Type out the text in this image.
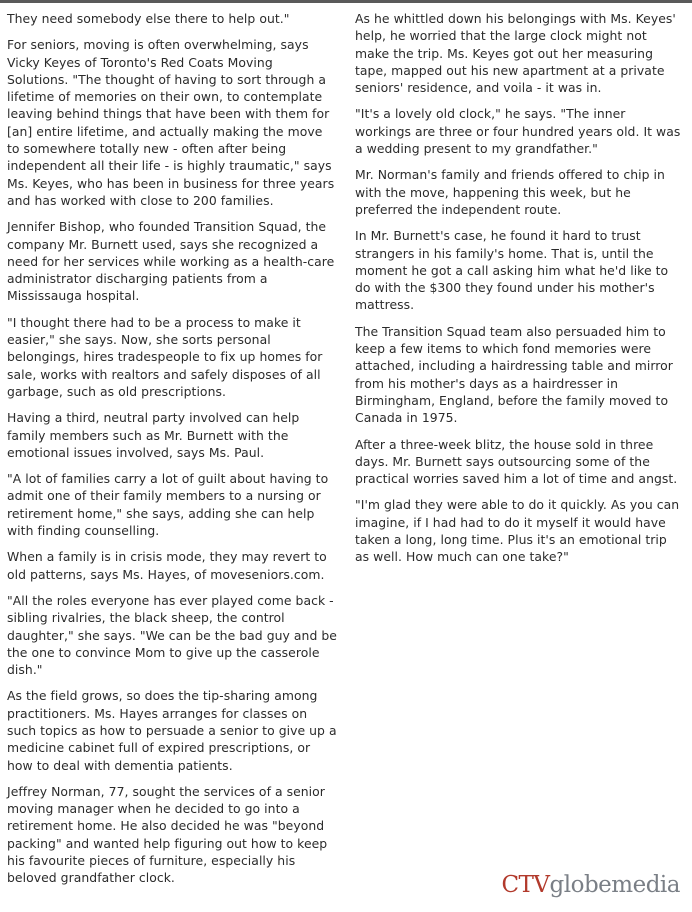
They need somebody else there to help out."

For seniors, moving is often overwhelming, says Vicky Keyes of Toronto's Red Coats Moving Solutions. "The thought of having to sort through a lifetime of memories on their own, to contemplate leaving behind things that have been with them for [an] entire lifetime, and actually making the move to somewhere totally new - often after being independent all their life - is highly traumatic," says Ms. Keyes, who has been in business for three years and has worked with close to 200 families.

Jennifer Bishop, who founded Transition Squad, the company Mr. Burnett used, says she recognized a need for her services while working as a health-care administrator discharging patients from a Mississauga hospital.

"I thought there had to be a process to make it easier," she says. Now, she sorts personal belongings, hires tradespeople to fix up homes for sale, works with realtors and safely disposes of all garbage, such as old prescriptions.

Having a third, neutral party involved can help family members such as Mr. Burnett with the emotional issues involved, says Ms. Paul.

"A lot of families carry a lot of guilt about having to admit one of their family members to a nursing or retirement home," she says, adding she can help with finding counselling.

When a family is in crisis mode, they may revert to old patterns, says Ms. Hayes, of moveseniors.com.

"All the roles everyone has ever played come back - sibling rivalries, the black sheep, the control daughter," she says. "We can be the bad guy and be the one to convince Mom to give up the casserole dish."

As the field grows, so does the tip-sharing among practitioners. Ms. Hayes arranges for classes on such topics as how to persuade a senior to give up a medicine cabinet full of expired prescriptions, or how to deal with dementia patients.

Jeffrey Norman, 77, sought the services of a senior moving manager when he decided to go into a retirement home. He also decided he was "beyond packing" and wanted help figuring out how to keep his favourite pieces of furniture, especially his beloved grandfather clock.

As he whittled down his belongings with Ms. Keyes' help, he worried that the large clock might not make the trip. Ms. Keyes got out her measuring tape, mapped out his new apartment at a private seniors' residence, and voila - it was in.

"It's a lovely old clock," he says. "The inner workings are three or four hundred years old. It was a wedding present to my grandfather."

Mr. Norman's family and friends offered to chip in with the move, happening this week, but he preferred the independent route.

In Mr. Burnett's case, he found it hard to trust strangers in his family's home. That is, until the moment he got a call asking him what he'd like to do with the $300 they found under his mother's mattress.

The Transition Squad team also persuaded him to keep a few items to which fond memories were attached, including a hairdressing table and mirror from his mother's days as a hairdresser in Birmingham, England, before the family moved to Canada in 1975.

After a three-week blitz, the house sold in three days. Mr. Burnett says outsourcing some of the practical worries saved him a lot of time and angst.

"I'm glad they were able to do it quickly. As you can imagine, if I had had to do it myself it would have taken a long, long time. Plus it's an emotional trip as well. How much can one take?"

CTVglobemedia
